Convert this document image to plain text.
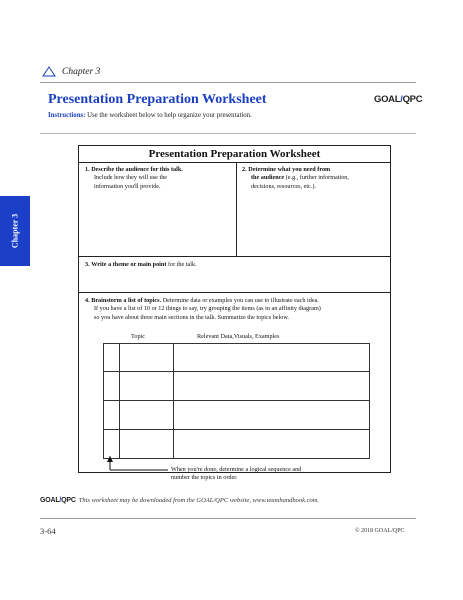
Chapter 3
Presentation Preparation Worksheet	GOAL/QPC
Instructions: Use the worksheet below to help organize your presentation.
Chapter 3
Presentation Preparation Worksheet
1. Describe the audience for this talk.
Include how they will use the
information you'll provide.
2. Determine what you need from
the audience (e.g., further information,
decisions, resources, etc.).
3. Write a theme or main point for the talk.
4. Brainstorm a list of topics. Determine data or examples you can use to illustrate each idea.
If you have a list of 10 or 12 things to say, try grouping the items (as in an affinity diagram)
so you have about three main sections in the talk. Summarize the topics below.
Topic	Relevant Data,Visuals, Examples
When you're done, determine a logical sequence and
number the topics in order.
GOAL/QPC This worksheet may be downloaded from the GOAL/QPC website, www.teamhandbook.com.
3-64	© 2018 GOAL/QPC
